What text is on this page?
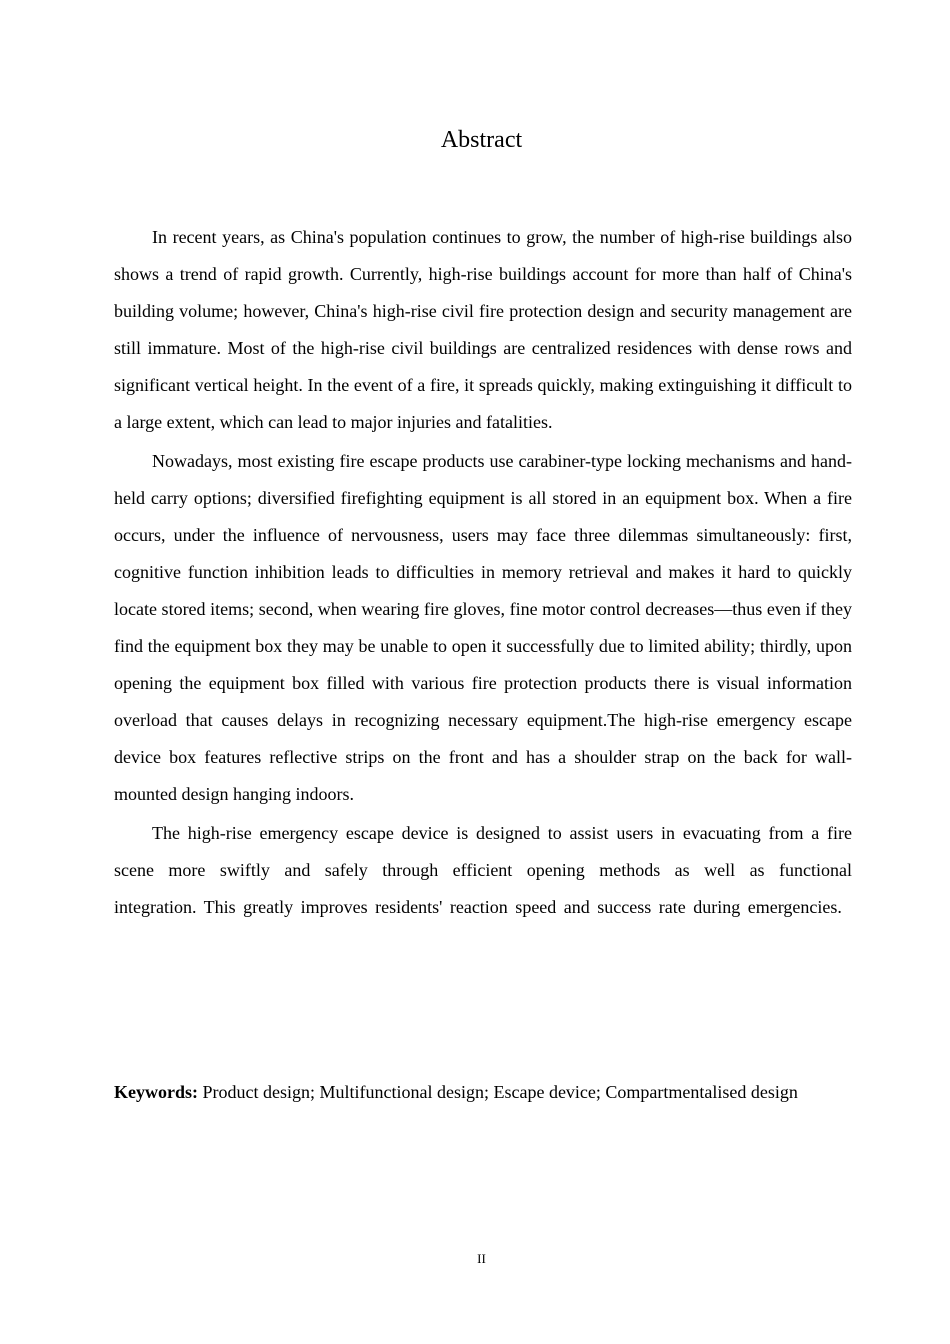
Abstract

In recent years, as China's population continues to grow, the number of high-rise buildings also shows a trend of rapid growth. Currently, high-rise buildings account for more than half of China's building volume; however, China's high-rise civil fire protection design and security management are still immature. Most of the high-rise civil buildings are centralized residences with dense rows and significant vertical height. In the event of a fire, it spreads quickly, making extinguishing it difficult to a large extent, which can lead to major injuries and fatalities.

Nowadays, most existing fire escape products use carabiner-type locking mechanisms and hand-held carry options; diversified firefighting equipment is all stored in an equipment box. When a fire occurs, under the influence of nervousness, users may face three dilemmas simultaneously: first, cognitive function inhibition leads to difficulties in memory retrieval and makes it hard to quickly locate stored items; second, when wearing fire gloves, fine motor control decreases—thus even if they find the equipment box they may be unable to open it successfully due to limited ability; thirdly, upon opening the equipment box filled with various fire protection products there is visual information overload that causes delays in recognizing necessary equipment.The high-rise emergency escape device box features reflective strips on the front and has a shoulder strap on the back for wall-mounted design hanging indoors.

The high-rise emergency escape device is designed to assist users in evacuating from a fire scene more swiftly and safely through efficient opening methods as well as functional integration. This greatly improves residents' reaction speed and success rate during emergencies.

Keywords: Product design; Multifunctional design; Escape device; Compartmentalised design

II
